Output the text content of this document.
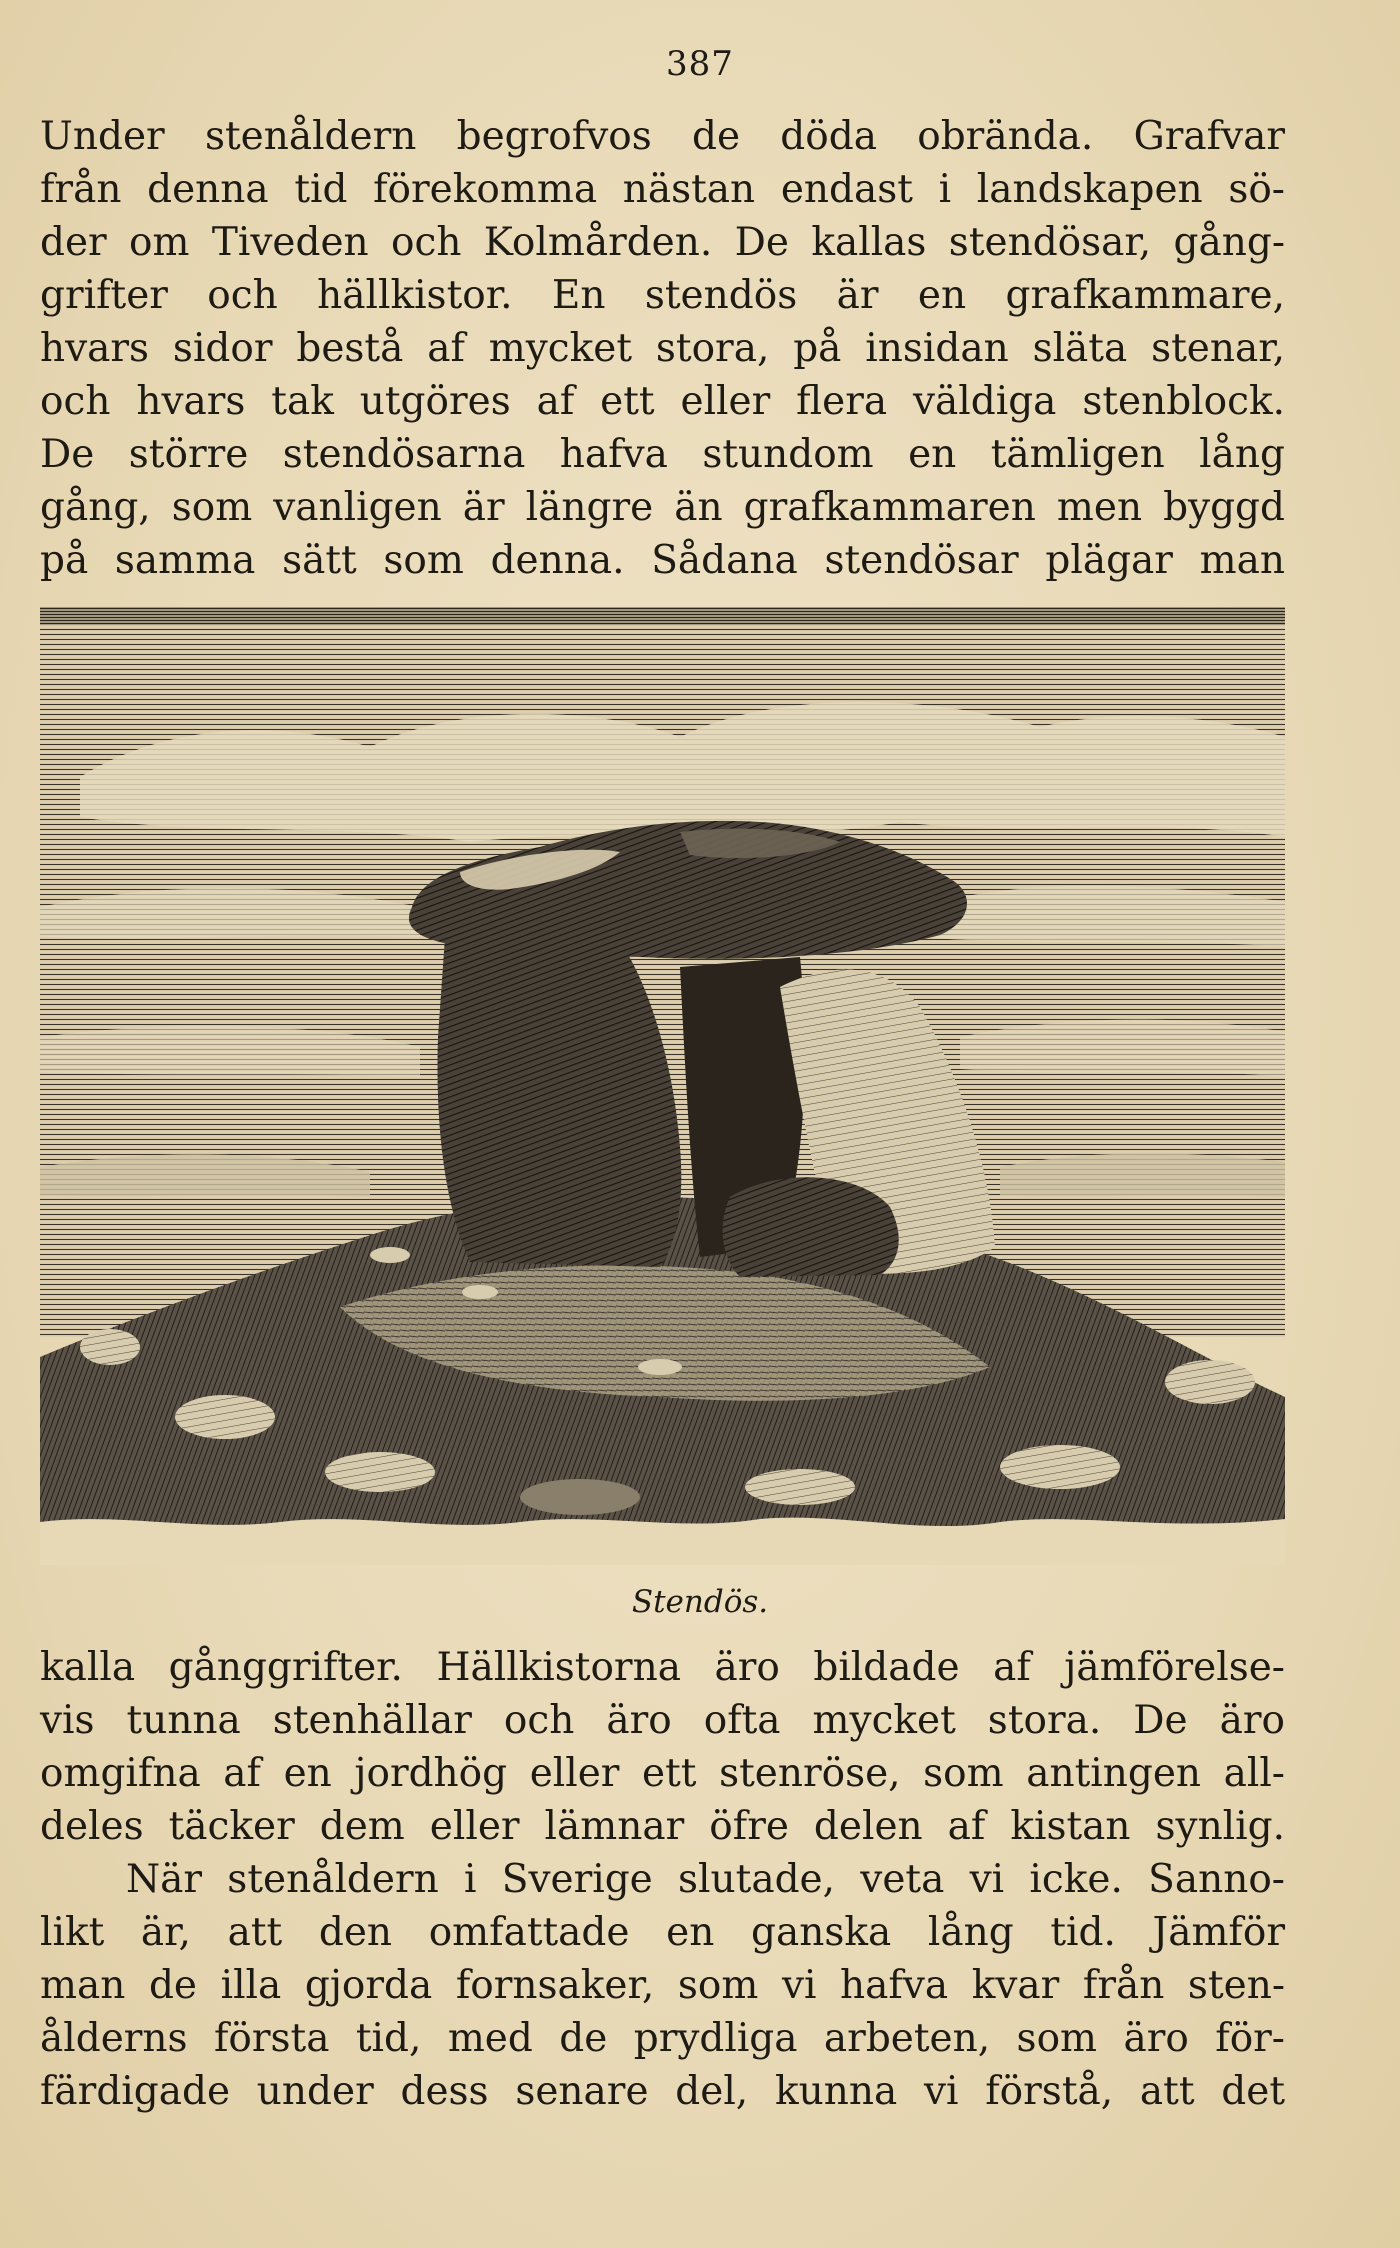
387
Under stenåldern begrofvos de döda obrända. Grafvar
från denna tid förekomma nästan endast i landskapen sö-
der om Tiveden och Kolmården. De kallas stendösar, gång-
grifter och hällkistor. En stendös är en grafkammare,
hvars sidor bestå af mycket stora, på insidan släta stenar,
och hvars tak utgöres af ett eller flera väldiga stenblock.
De större stendösarna hafva stundom en tämligen lång
gång, som vanligen är längre än grafkammaren men byggd
på samma sätt som denna. Sådana stendösar plägar man
Stendös.
kalla gånggrifter. Hällkistorna äro bildade af jämförelse-
vis tunna stenhällar och äro ofta mycket stora. De äro
omgifna af en jordhög eller ett stenröse, som antingen all-
deles täcker dem eller lämnar öfre delen af kistan synlig.
När stenåldern i Sverige slutade, veta vi icke. Sanno-
likt är, att den omfattade en ganska lång tid. Jämför
man de illa gjorda fornsaker, som vi hafva kvar från sten-
ålderns första tid, med de prydliga arbeten, som äro för-
färdigade under dess senare del, kunna vi förstå, att det
